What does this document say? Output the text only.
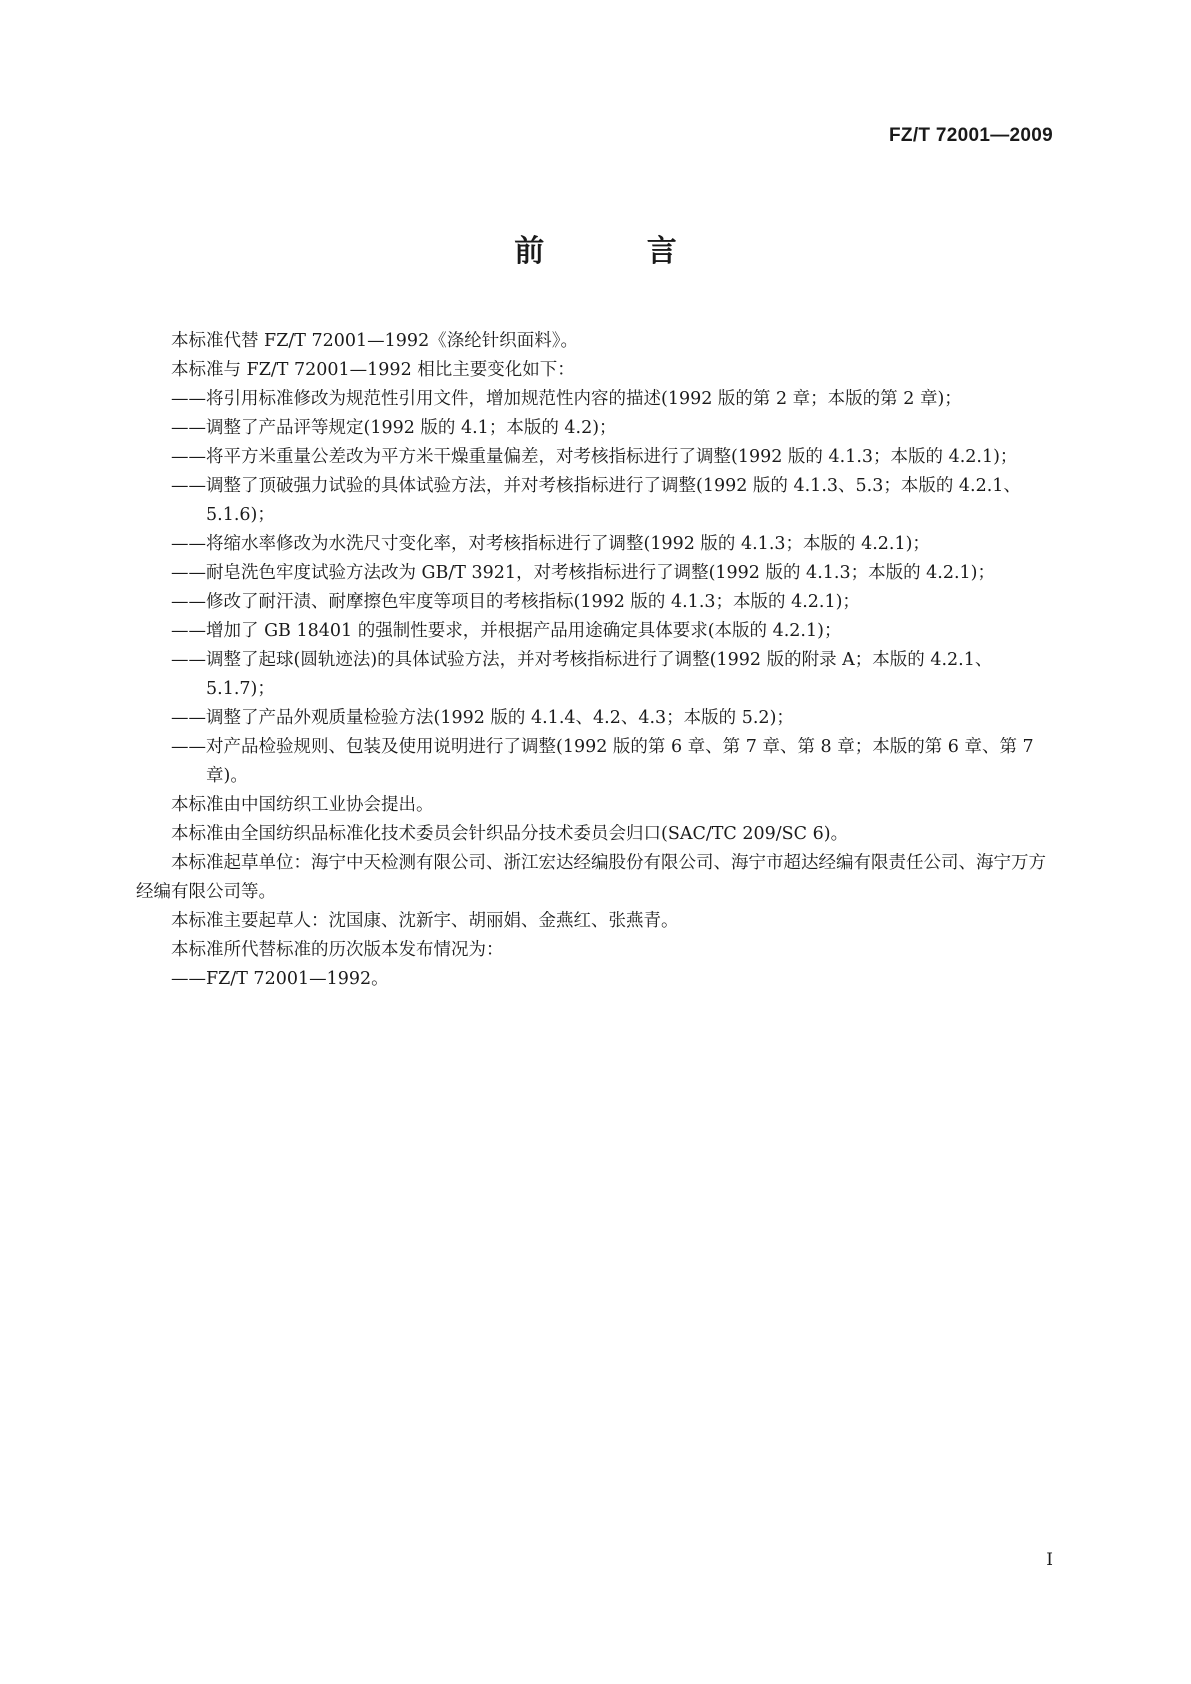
FZ/T 72001—2009
前 言

本标准代替 FZ/T 72001—1992《涤纶针织面料》。

本标准与 FZ/T 72001—1992 相比主要变化如下：

——将引用标准修改为规范性引用文件，增加规范性内容的描述(1992 版的第 2 章；本版的第 2 章)；

——调整了产品评等规定(1992 版的 4.1；本版的 4.2)；

——将平方米重量公差改为平方米干燥重量偏差，对考核指标进行了调整(1992 版的 4.1.3；本版的 4.2.1)；

——调整了顶破强力试验的具体试验方法，并对考核指标进行了调整(1992 版的 4.1.3、5.3；本版的 4.2.1、5.1.6)；

——将缩水率修改为水洗尺寸变化率，对考核指标进行了调整(1992 版的 4.1.3；本版的 4.2.1)；

——耐皂洗色牢度试验方法改为 GB/T 3921，对考核指标进行了调整(1992 版的 4.1.3；本版的 4.2.1)；

——修改了耐汗渍、耐摩擦色牢度等项目的考核指标(1992 版的 4.1.3；本版的 4.2.1)；

——增加了 GB 18401 的强制性要求，并根据产品用途确定具体要求(本版的 4.2.1)；

——调整了起球(圆轨迹法)的具体试验方法，并对考核指标进行了调整(1992 版的附录 A；本版的 4.2.1、5.1.7)；

——调整了产品外观质量检验方法(1992 版的 4.1.4、4.2、4.3；本版的 5.2)；

——对产品检验规则、包装及使用说明进行了调整(1992 版的第 6 章、第 7 章、第 8 章；本版的第 6 章、第 7 章)。

本标准由中国纺织工业协会提出。

本标准由全国纺织品标准化技术委员会针织品分技术委员会归口(SAC/TC 209/SC 6)。

本标准起草单位：海宁中天检测有限公司、浙江宏达经编股份有限公司、海宁市超达经编有限责任公司、海宁万方经编有限公司等。

本标准主要起草人：沈国康、沈新宇、胡丽娟、金燕红、张燕青。

本标准所代替标准的历次版本发布情况为：

——FZ/T 72001—1992。

I
